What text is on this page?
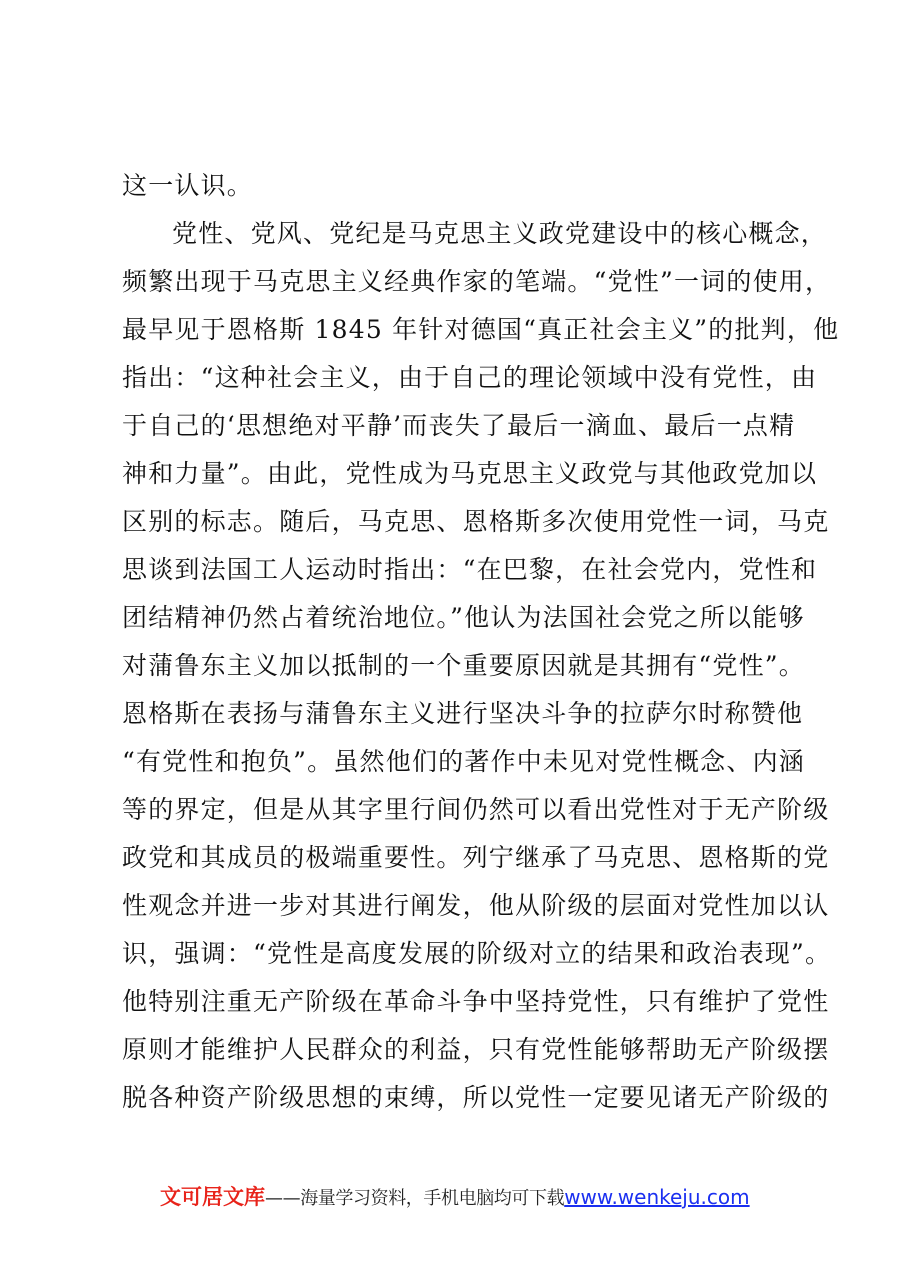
这一认识。
党性、党风、党纪是马克思主义政党建设中的核心概念，
频繁出现于马克思主义经典作家的笔端。“党性”一词的使用，
最早见于恩格斯 1845 年针对德国“真正社会主义”的批判，他
指出：“这种社会主义，由于自己的理论领域中没有党性，由
于自己的‘思想绝对平静’而丧失了最后一滴血、最后一点精
神和力量”。由此，党性成为马克思主义政党与其他政党加以
区别的标志。随后，马克思、恩格斯多次使用党性一词，马克
思谈到法国工人运动时指出：“在巴黎，在社会党内，党性和
团结精神仍然占着统治地位。”他认为法国社会党之所以能够
对蒲鲁东主义加以抵制的一个重要原因就是其拥有“党性”。
恩格斯在表扬与蒲鲁东主义进行坚决斗争的拉萨尔时称赞他
“有党性和抱负”。虽然他们的著作中未见对党性概念、内涵
等的界定，但是从其字里行间仍然可以看出党性对于无产阶级
政党和其成员的极端重要性。列宁继承了马克思、恩格斯的党
性观念并进一步对其进行阐发，他从阶级的层面对党性加以认
识，强调：“党性是高度发展的阶级对立的结果和政治表现”。
他特别注重无产阶级在革命斗争中坚持党性，只有维护了党性
原则才能维护人民群众的利益，只有党性能够帮助无产阶级摆
脱各种资产阶级思想的束缚，所以党性一定要见诸无产阶级的
文可居文库——海量学习资料，手机电脑均可下载www.wenkeju.com
